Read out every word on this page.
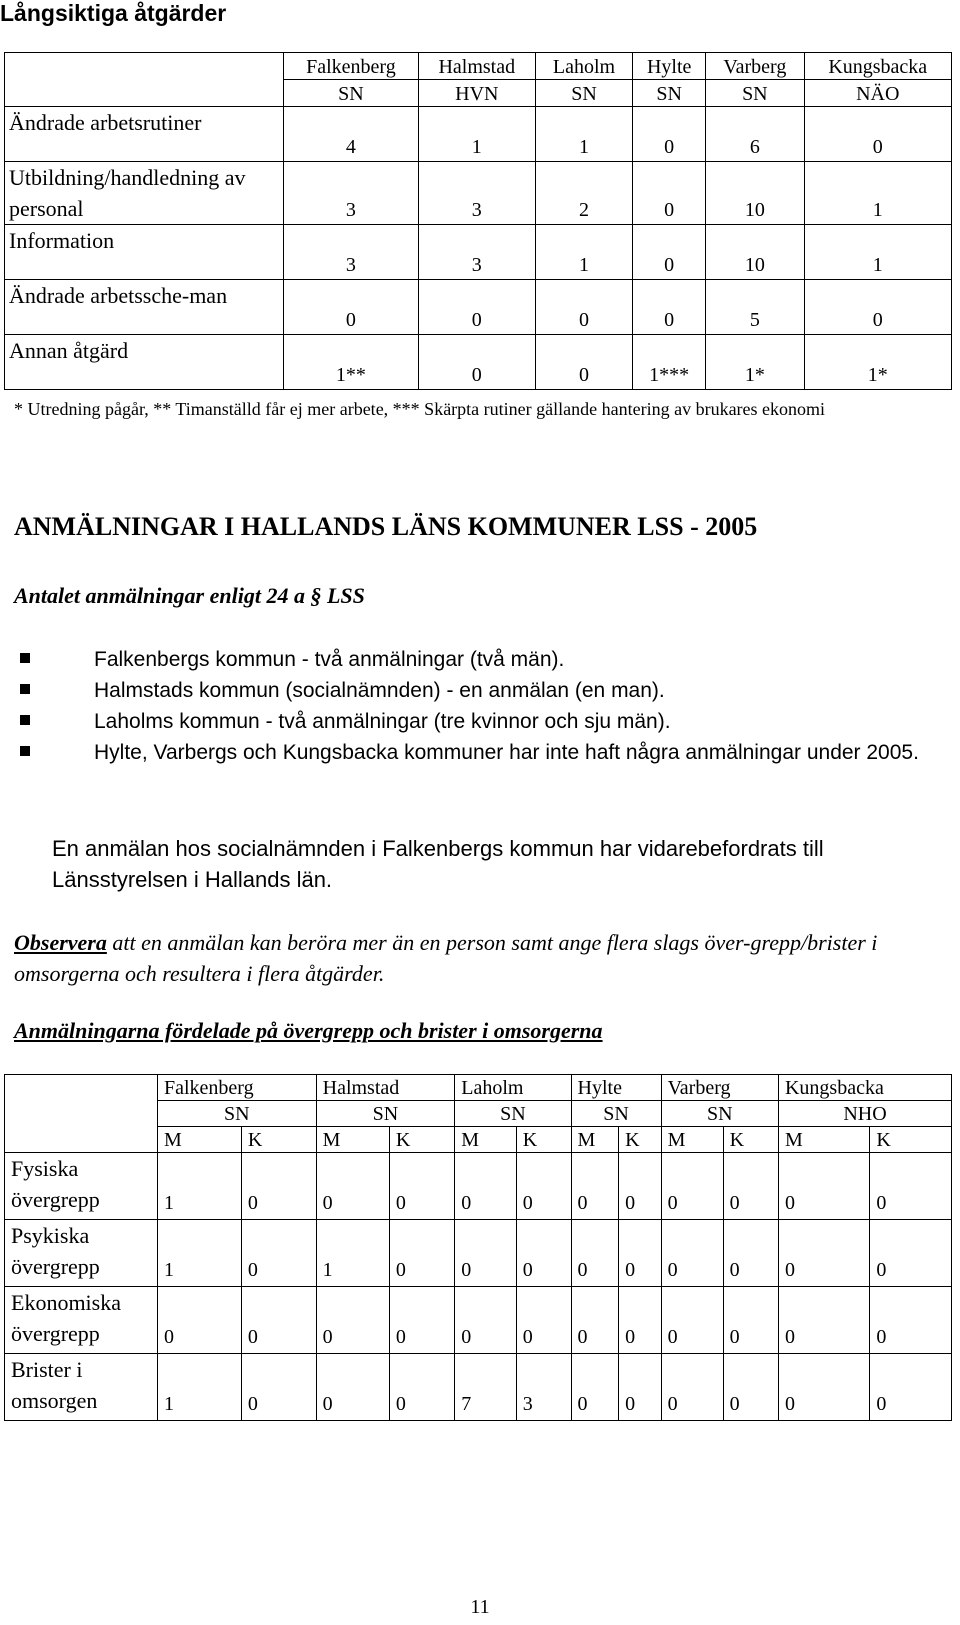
Långsiktiga åtgärder
	Falkenberg	Halmstad	Laholm	Hylte	Varberg	Kungsbacka
	SN	HVN	SN	SN	SN	NÄO
Ändrade arbetsrutiner	4	1	1	0	6	0
Utbildning/handledning av personal	3	3	2	0	10	1
Information	3	3	1	0	10	1
Ändrade arbetssche-man	0	0	0	0	5	0
Annan åtgärd	1**	0	0	1***	1*	1*
* Utredning pågår, ** Timanställd får ej mer arbete, *** Skärpta rutiner gällande hantering av brukares ekonomi
ANMÄLNINGAR I HALLANDS LÄNS KOMMUNER LSS - 2005
Antalet anmälningar enligt 24 a § LSS
Falkenbergs kommun - två anmälningar (två män).
Halmstads kommun (socialnämnden) - en anmälan (en man).
Laholms kommun - två anmälningar (tre kvinnor och sju män).
Hylte, Varbergs och Kungsbacka kommuner har inte haft några anmälningar under 2005.

En anmälan hos socialnämnden i Falkenbergs kommun har vidarebefordrats till Länsstyrelsen i Hallands län.

Observera att en anmälan kan beröra mer än en person samt ange flera slags över-grepp/brister i omsorgerna och resultera i flera åtgärder.

Anmälningarna fördelade på övergrepp och brister i omsorgerna
	Falkenberg		Halmstad		Laholm		Hylte		Varberg		Kungsbacka	
	SN		SN		SN		SN		SN		NHO	
	M	K	M	K	M	K	M	K	M	K	M	K
Fysiska övergrepp	1	0	0	0	0	0	0	0	0	0	0	0
Psykiska övergrepp	1	0	1	0	0	0	0	0	0	0	0	0
Ekonomiska övergrepp	0	0	0	0	0	0	0	0	0	0	0	0
Brister i omsorgen	1	0	0	0	7	3	0	0	0	0	0	0
11
